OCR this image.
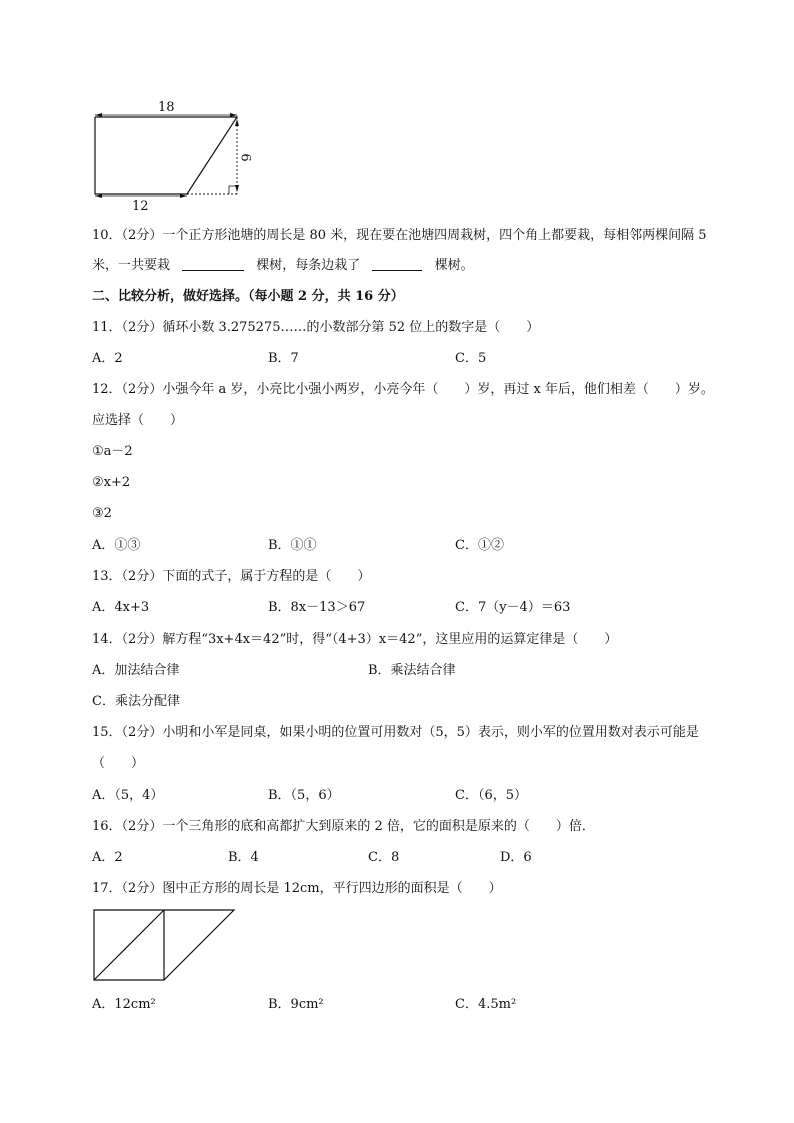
18
12
6
10．（2分）一个正方形池塘的周长是 80 米，现在要在池塘四周栽树，四个角上都要栽，每相邻两棵间隔 5
米，一共要栽	棵树，每条边栽了	棵树。
二、比较分析，做好选择。（每小题 2 分，共 16 分）
11．（2分）循环小数 3.275275……的小数部分第 52 位上的数字是（　　）
A．2	B．7	C．5
12．（2分）小强今年 a 岁，小亮比小强小两岁，小亮今年（　　）岁，再过 x 年后，他们相差（　　）岁。
应选择（　　）
①a－2
②x+2
③2
A．①③	B．①①	C．①②
13．（2分）下面的式子，属于方程的是（　　）
A．4x+3	B．8x－13＞67	C．7（y－4）＝63
14．（2分）解方程“3x+4x＝42”时，得“（4+3）x＝42”，这里应用的运算定律是（　　）
A．加法结合律	B．乘法结合律
C．乘法分配律
15．（2分）小明和小军是同桌，如果小明的位置可用数对（5，5）表示，则小军的位置用数对表示可能是
（　　）
A．（5，4）	B．（5，6）	C．（6，5）
16．（2分）一个三角形的底和高都扩大到原来的 2 倍，它的面积是原来的（　　）倍．
A．2	B．4	C．8	D．6
17．（2分）图中正方形的周长是 12cm，平行四边形的面积是（　　）
A．12cm²	B．9cm²	C．4.5m²
